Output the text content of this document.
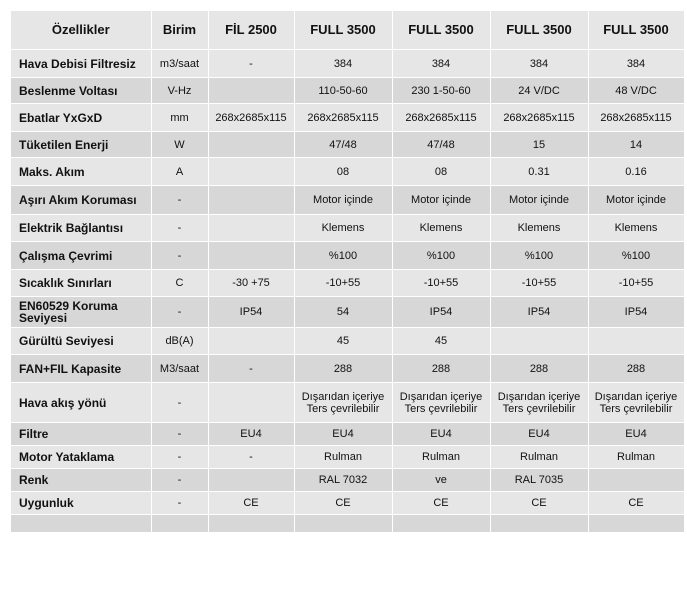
Özellikler	Birim	FİL 2500	FULL 3500	FULL 3500	FULL 3500	FULL 3500
Hava Debisi Filtresiz	m3/saat	-	384	384	384	384
Beslenme Voltası	V-Hz		110-50-60	230 1-50-60	24 V/DC	48 V/DC
Ebatlar YxGxD	mm	268x2685x115	268x2685x115	268x2685x115	268x2685x115	268x2685x115
Tüketilen Enerji	W		47/48	47/48	15	14
Maks. Akım	A		08	08	0.31	0.16
Aşırı Akım Koruması	-		Motor içinde	Motor içinde	Motor içinde	Motor içinde
Elektrik Bağlantısı	-		Klemens	Klemens	Klemens	Klemens
Çalışma Çevrimi	-		%100	%100	%100	%100
Sıcaklık Sınırları	C	-30 +75	-10+55	-10+55	-10+55	-10+55
EN60529 Koruma Seviyesi	-	IP54	54	IP54	IP54	IP54
Gürültü Seviyesi	dB(A)		45	45		
FAN+FIL Kapasite	M3/saat	-	288	288	288	288
Hava akış yönü	-		Dışarıdan içeriye Ters çevrilebilir	Dışarıdan içeriye Ters çevrilebilir	Dışarıdan içeriye Ters çevrilebilir	Dışarıdan içeriye Ters çevrilebilir
Filtre	-	EU4	EU4	EU4	EU4	EU4
Motor Yataklama	-	-	Rulman	Rulman	Rulman	Rulman
Renk	-		RAL 7032	ve	RAL 7035	
Uygunluk	-	CE	CE	CE	CE	CE
